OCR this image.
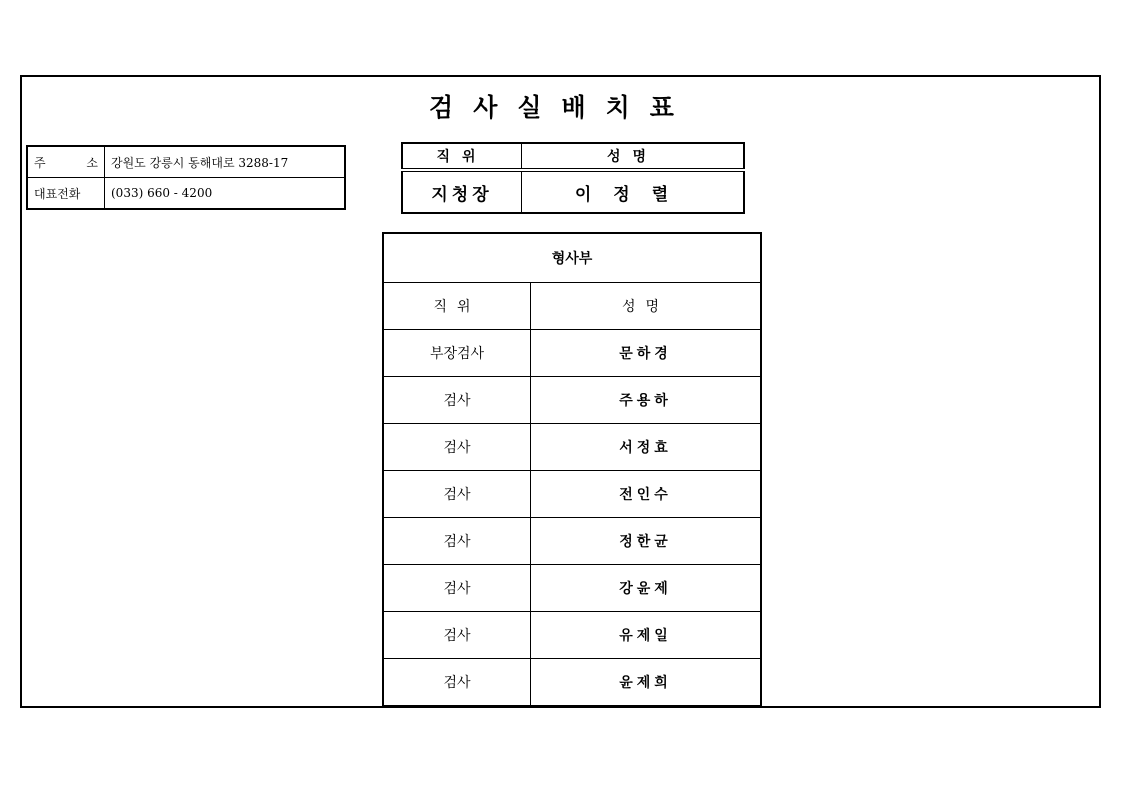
검사실배치표
주 소	강원도 강릉시 동해대로 3288-17
대표전화	(033) 660 - 4200
직위	성명
지청장	이정렬
형사부	
직위	성명
부장검사	문하경
검사	주용하
검사	서정효
검사	전인수
검사	정한균
검사	강윤제
검사	유제일
검사	윤제희
